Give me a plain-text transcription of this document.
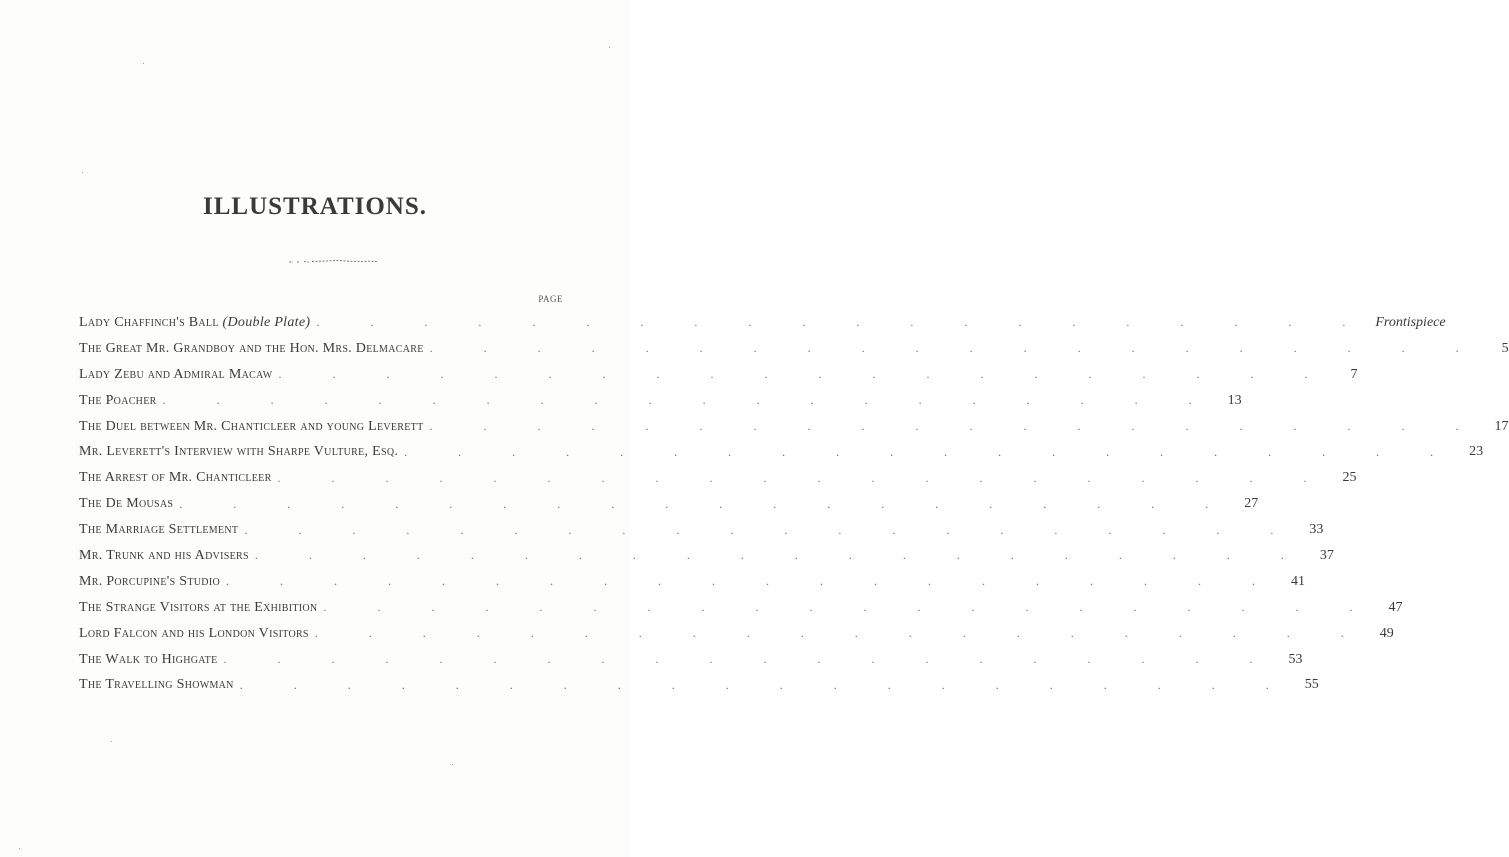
ILLUSTRATIONS.
PAGE
Lady Chaffinch's Ball (Double Plate) . . . . . . . . . . . . . . . . . . . . Frontispiece
The Great Mr. Grandboy and the Hon. Mrs. Delmacare . . . . . . . . . . . . . . . . . . . .	5
Lady Zebu and Admiral Macaw . . . . . . . . . . . . . . . . . . . .	7
The Poacher . . . . . . . . . . . . . . . . . . . . 13
The Duel between Mr. Chanticleer and young Leverett . . . . . . . . . . . . . . . . . . . . 17
Mr. Leverett's Interview with Sharpe Vulture, Esq. . . . . . . . . . . . . . . . . . . . . 23
The Arrest of Mr. Chanticleer . . . . . . . . . . . . . . . . . . . . 25
The De Mousas . . . . . . . . . . . . . . . . . . . . 27
The Marriage Settlement . . . . . . . . . . . . . . . . . . . . 33
Mr. Trunk and his Advisers . . . . . . . . . . . . . . . . . . . . 37
Mr. Porcupine's Studio . . . . . . . . . . . . . . . . . . . . 41
The Strange Visitors at the Exhibition . . . . . . . . . . . . . . . . . . . . 47
Lord Falcon and his London Visitors . . . . . . . . . . . . . . . . . . . . 49
The Walk to Highgate . . . . . . . . . . . . . . . . . . . . 53
The Travelling Showman . . . . . . . . . . . . . . . . . . . . 55
